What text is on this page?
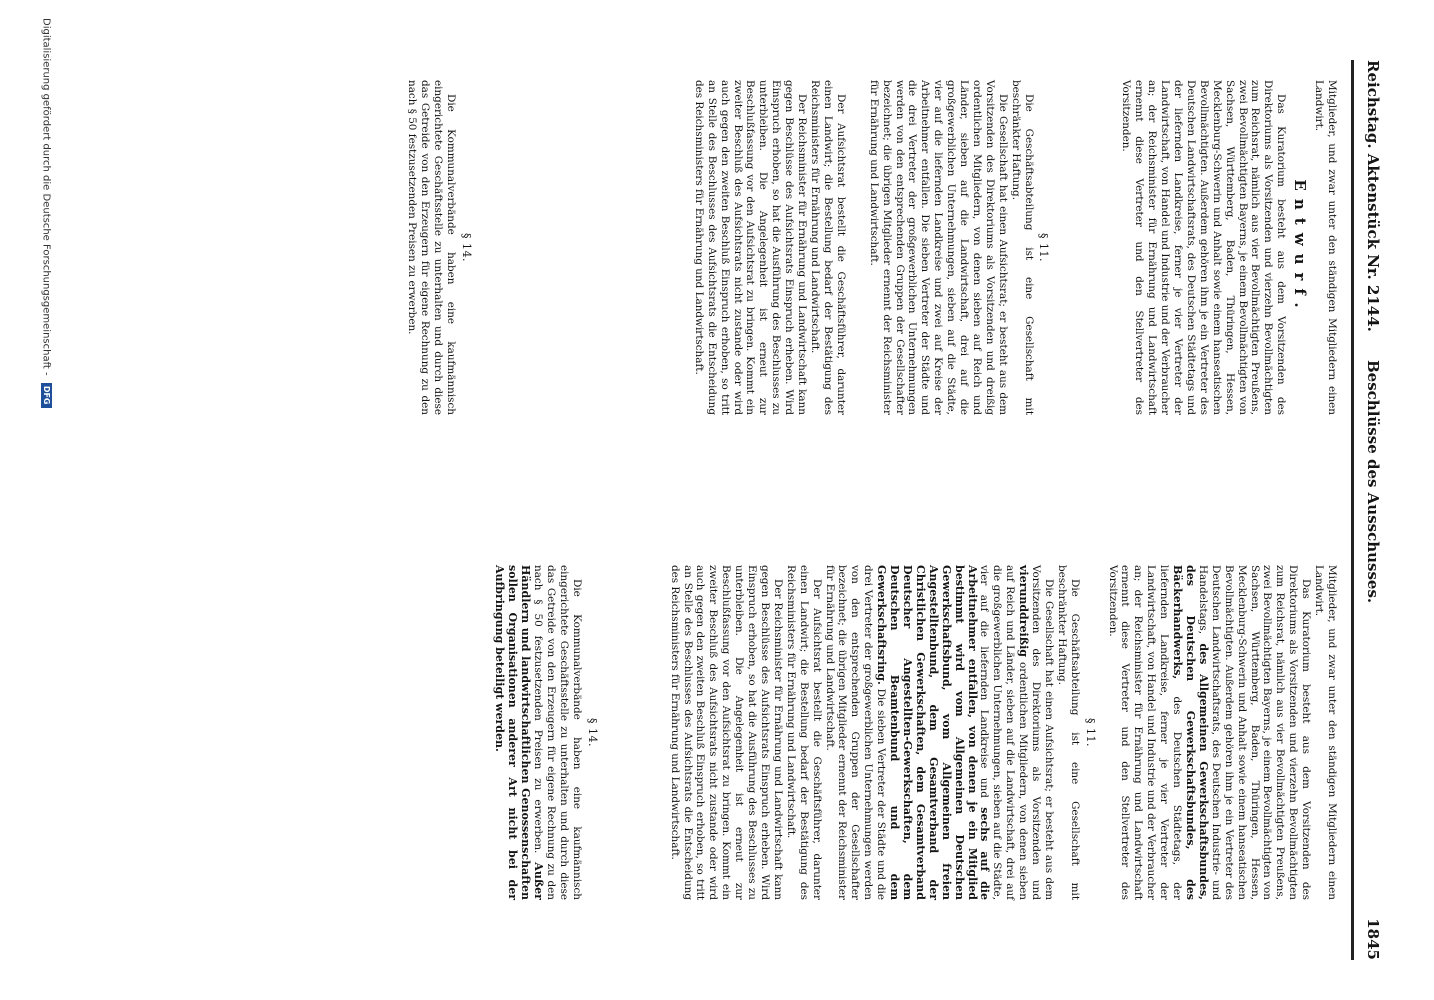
Reichstag. Aktenstück Nr. 2144.
Beschlüsse des Ausschusses.
1845

Mitglieder, und zwar unter den ständigen Mitgliedern einen Landwirt.

Entwurf.

Das Kuratorium besteht aus dem Vorsitzenden des Direktoriums als Vorsitzenden und vierzehn Bevollmächtigten zum Reichsrat, nämlich aus vier Bevollmächtigten Preußens, zwei Bevollmächtigten Bayerns, je einem Bevollmächtigten von Sachsen, Württemberg, Baden, Thüringen, Hessen, Mecklenburg-Schwerin und Anhalt sowie einem hanseatischen Bevollmächtigten. Außerdem gehören ihm je ein Vertreter des Deutschen Landwirtschaftsrats, des Deutschen Städtetags und der liefernden Landkreise, ferner je vier Vertreter der Landwirtschaft, von Handel und Industrie und der Verbraucher an; der Reichsminister für Ernährung und Landwirtschaft ernennt diese Vertreter und den Stellvertreter des Vorsitzenden.

§ 11.

Die Geschäftsabteilung ist eine Gesellschaft mit beschränkter Haftung.

Die Gesellschaft hat einen Aufsichtsrat; er besteht aus dem Vorsitzenden des Direktoriums als Vorsitzenden und dreißig ordentlichen Mitgliedern, von denen sieben auf Reich und Länder, sieben auf die Landwirtschaft, drei auf die großgewerblichen Unternehmungen, sieben auf die Städte, vier auf die liefernden Landkreise und zwei auf Kreise der Arbeitnehmer entfallen. Die sieben Vertreter der Städte und die drei Vertreter der großgewerblichen Unternehmungen werden von den entsprechenden Gruppen der Gesellschafter bezeichnet; die übrigen Mitglieder ernennt der Reichsminister für Ernährung und Landwirtschaft.

Der Aufsichtsrat bestellt die Geschäftsführer, darunter einen Landwirt; die Bestellung bedarf der Bestätigung des Reichsministers für Ernährung und Landwirtschaft.

Der Reichsminister für Ernährung und Landwirtschaft kann gegen Beschlüsse des Aufsichtsrats Einspruch erheben. Wird Einspruch erhoben, so hat die Ausführung des Beschlusses zu unterbleiben. Die Angelegenheit ist erneut zur Beschlußfassung vor den Aufsichtsrat zu bringen. Kommt ein zweiter Beschluß des Aufsichtsrats nicht zustande oder wird auch gegen den zweiten Beschluß Einspruch erhoben, so tritt an Stelle des Beschlusses des Aufsichtsrats die Entscheidung des Reichsministers für Ernährung und Landwirtschaft.

§ 14.

Die Kommunalverbände haben eine kaufmännisch eingerichtete Geschäftsstelle zu unterhalten und durch diese das Getreide von den Erzeugern für eigene Rechnung zu den nach § 50 festzusetzenden Preisen zu erwerben.

Mitglieder, und zwar unter den ständigen Mitgliedern einen Landwirt.

Das Kuratorium besteht aus dem Vorsitzenden des Direktoriums als Vorsitzenden und vierzehn Bevollmächtigten zum Reichsrat, nämlich aus vier Bevollmächtigten Preußens, zwei Bevollmächtigten Bayerns, je einem Bevollmächtigten von Sachsen, Württemberg, Baden, Thüringen, Hessen, Mecklenburg-Schwerin und Anhalt sowie einem hanseatischen Bevollmächtigten. Außerdem gehören ihm je ein Vertreter des Deutschen Landwirtschaftsrats, des Deutschen Industrie- und Handelstags, des Allgemeinen Gewerkschaftsbundes, des Deutschen Gewerkschaftsbundes, des Bäckerhandwerks, des Deutschen Städtetags, der liefernden Landkreise, ferner je vier Vertreter der Landwirtschaft, von Handel und Industrie und der Verbraucher an; der Reichsminister für Ernährung und Landwirtschaft ernennt diese Vertreter und den Stellvertreter des Vorsitzenden.

§ 11.

Die Geschäftsabteilung ist eine Gesellschaft mit beschränkter Haftung.

Die Gesellschaft hat einen Aufsichtsrat; er besteht aus dem Vorsitzenden des Direktoriums als Vorsitzenden und vierunddreißig ordentlichen Mitgliedern, von denen sieben auf Reich und Länder, sieben auf die Landwirtschaft, drei auf die großgewerblichen Unternehmungen, sieben auf die Städte, vier auf die liefernden Landkreise und sechs auf die Arbeitnehmer entfallen, von denen je ein Mitglied bestimmt wird vom Allgemeinen Deutschen Gewerkschaftsbund, vom Allgemeinen freien Angestelltenbund, dem Gesamtverband der Christlichen Gewerkschaften, dem Gesamtverband Deutscher Angestellten-Gewerkschaften, dem Deutschen Beamtenbund und dem Gewerkschaftsring. Die sieben Vertreter der Städte und die drei Vertreter der großgewerblichen Unternehmungen werden von den entsprechenden Gruppen der Gesellschafter bezeichnet; die übrigen Mitglieder ernennt der Reichsminister für Ernährung und Landwirtschaft.

Der Aufsichtsrat bestellt die Geschäftsführer, darunter einen Landwirt; die Bestellung bedarf der Bestätigung des Reichsministers für Ernährung und Landwirtschaft.

Der Reichsminister für Ernährung und Landwirtschaft kann gegen Beschlüsse des Aufsichtsrats Einspruch erheben. Wird Einspruch erhoben, so hat die Ausführung des Beschlusses zu unterbleiben. Die Angelegenheit ist erneut zur Beschlußfassung vor den Aufsichtsrat zu bringen. Kommt ein zweiter Beschluß des Aufsichtsrats nicht zustande oder wird auch gegen den zweiten Beschluß Einspruch erhoben, so tritt an Stelle des Beschlusses des Aufsichtsrats die Entscheidung des Reichsministers für Ernährung und Landwirtschaft.

§ 14.

Die Kommunalverbände haben eine kaufmännisch eingerichtete Geschäftsstelle zu unterhalten und durch diese das Getreide von den Erzeugern für eigene Rechnung zu den nach § 50 festzusetzenden Preisen zu erwerben. Außer Händlern und landwirtschaftlichen Genossenschaften sollen Organisationen anderer Art nicht bei der Aufbringung beteiligt werden.

Digitalisierung gefördert durch die Deutsche Forschungsgemeinschaft - DFG
